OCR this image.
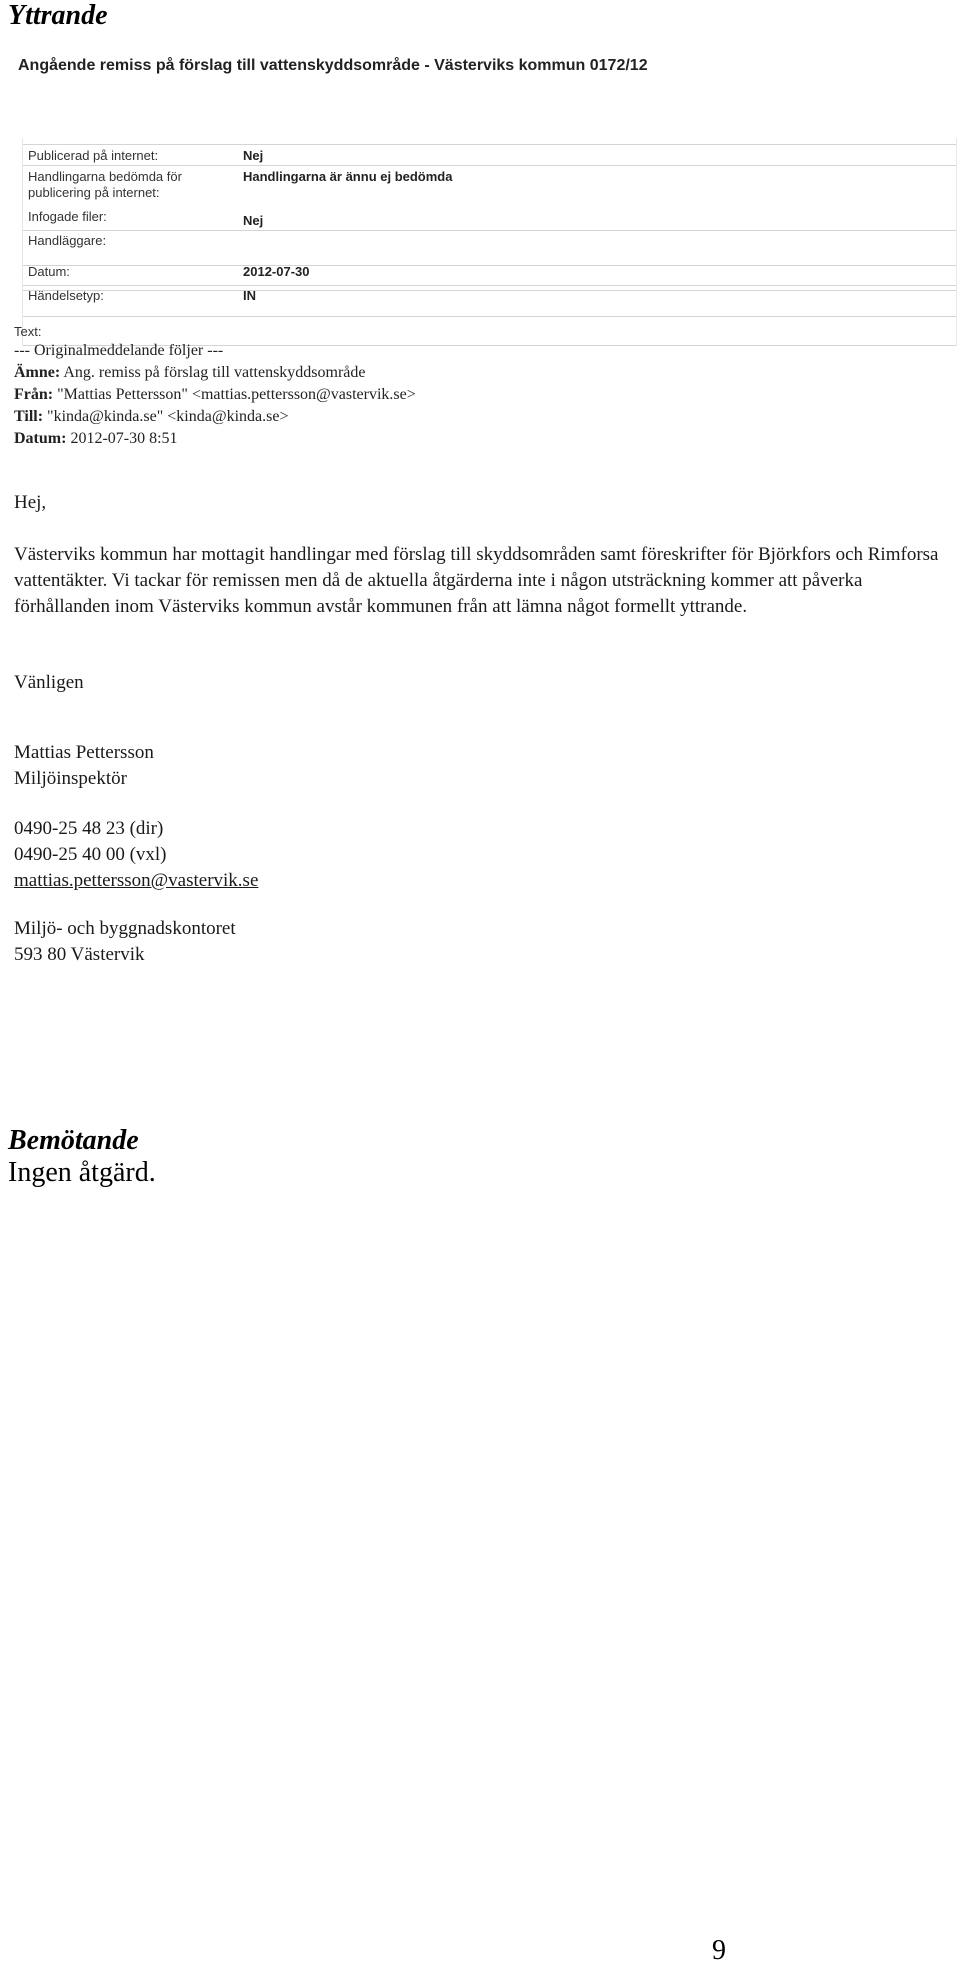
Yttrande
Angående remiss på förslag till vattenskyddsområde - Västerviks kommun 0172/12
Publicerad på internet:	Nej
Handlingarna bedömda för publicering på internet:
Handlingarna är ännu ej bedömda
Infogade filer:	Nej
Handläggare:
Datum:	2012-07-30
Händelsetyp:	IN
Text:
--- Originalmeddelande följer ---
Ämne: Ang. remiss på förslag till vattenskyddsområde
Från: "Mattias Pettersson" <mattias.pettersson@vastervik.se>
Till: "kinda@kinda.se" <kinda@kinda.se>
Datum: 2012-07-30 8:51
Hej,
Västerviks kommun har mottagit handlingar med förslag till skyddsområden samt föreskrifter för Björkfors och Rimforsa vattentäkter. Vi tackar för remissen men då de aktuella åtgärderna inte i någon utsträckning kommer att påverka förhållanden inom Västerviks kommun avstår kommunen från att lämna något formellt yttrande.
Vänligen
Mattias Pettersson
Miljöinspektör
0490-25 48 23 (dir)
0490-25 40 00 (vxl)
mattias.pettersson@vastervik.se
Miljö- och byggnadskontoret
593 80 Västervik
Bemötande
Ingen åtgärd.
9
